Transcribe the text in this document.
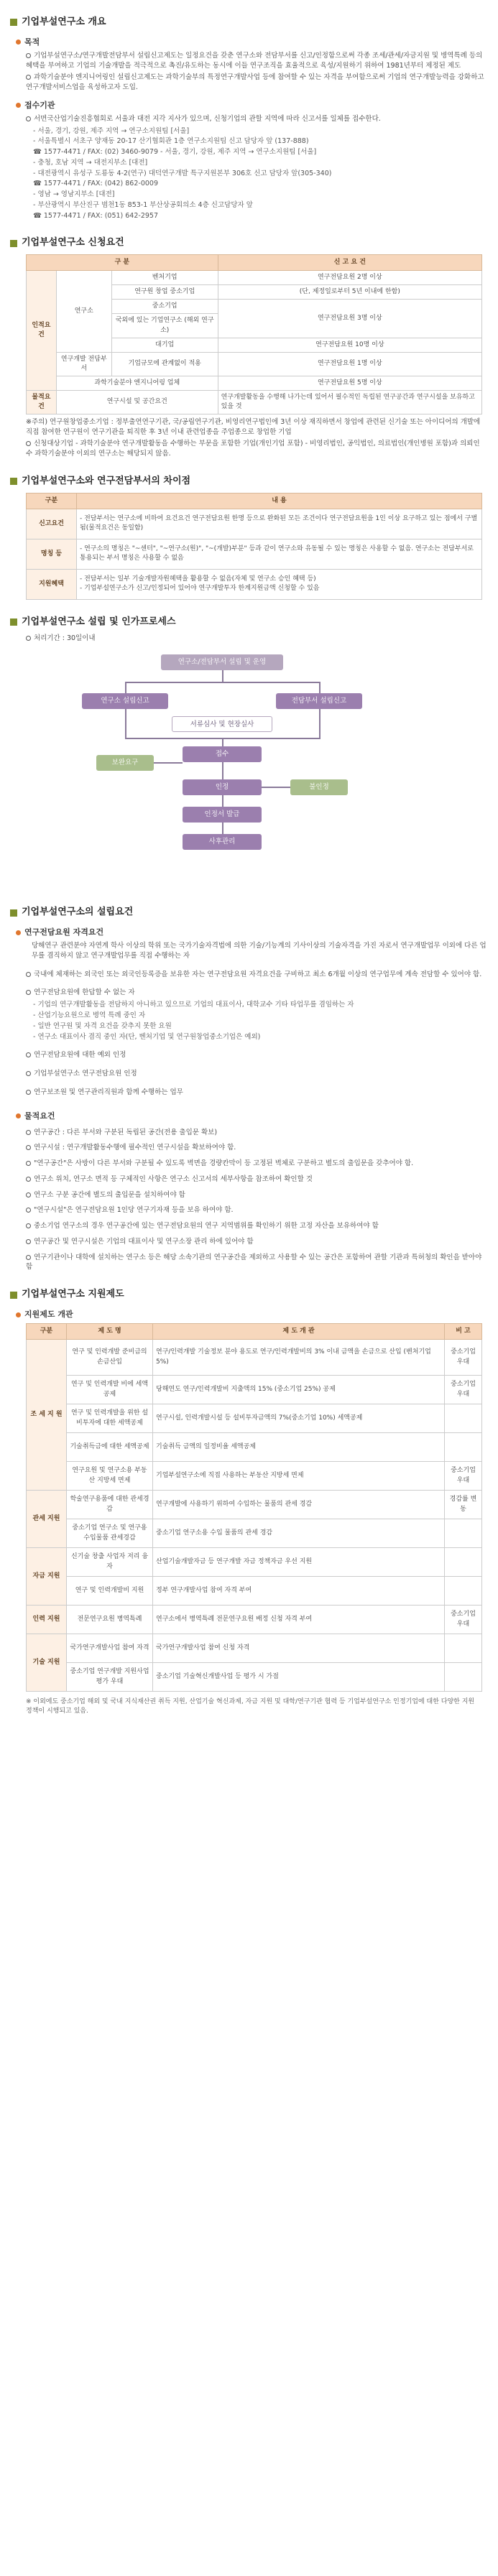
기업부설연구소 개요
목적
기업부설연구소/연구개발전담부서 설립신고제도는 일정요건을 갖춘 연구소와 전담부서를 신고/인정함으로써 각종 조세/관세/자금지원 및 병역특례 등의 혜택을 부여하고 기업의 기술개발을 적극적으로 촉진/유도하는 동시에 이들 연구조직을 효율적으로 육성/지원하기 위하여 1981년부터 제정된 제도
과학기술분야 엔지니어링인 설립신고제도는 과학기술부의 특정연구개발사업 등에 참여할 수 있는 자격을 부여함으로써 기업의 연구개발능력을 강화하고 연구개발서비스업을 육성하고자 도입.
접수기관
서면국산업기술진흥협회로 서울과 대전 지각 지사가 있으며, 신청기업의 관할 지역에 따라 신고서를 일체를 접수한다.
- 서울, 경기, 강원, 제주 지역 → 연구소지원팀 [서울]
- 서울특별시 서초구 양재동 20-17 산기협회관 1층 연구소지원팀 신고 담당자 앞 (137-888)
☎ 1577-4471 / FAX: (02) 3460-9079 - 서울, 경기, 강원, 제주 지역 → 연구소지원팀 [서울]
- 충청, 호남 지역 → 대전지부소 [대전]
- 대전광역시 유성구 도룡동 4-2(연구) 대덕연구개발 특구지원본부 306호 신고 담당자 앞(305-340)
☎ 1577-4471 / FAX: (042) 862-0009
- 영남 → 영남지부소 [대전]
- 부산광역시 부산진구 범천1동 853-1 부산상공회의소 4층 신고담당자 앞
☎ 1577-4471 / FAX: (051) 642-2957
기업부설연구소 신청요건
구 분			신 고 요 건
인적요건	연구소	벤처기업	연구전담요원 2명 이상
		연구원 창업 중소기업	(단, 제정일로부터 5년 이내에 한함)
		중소기업	연구전담요원 3명 이상
		국외에 있는 기업연구소 (해외 연구소)	
		대기업	연구전담요원 10명 이상
	연구개발 전담부서	기업규모에 관계없이 적용	연구전담요원 1명 이상
	과학기술분야 엔지니어링 업체		연구전담요원 5명 이상
물적요건	연구시설 및 공간요건		연구개발활동을 수행해 나가는데 있어서 필수적인 독립된 연구공간과 연구시설을 보유하고 있을 것
※주의) 연구원창업중소기업 : 정부출연연구기관, 국/공립연구기관, 비영리연구법인에 3년 이상 재직하면서 창업에 관련된 신기술 또는 아이디어의 개발에 직접 참여한 연구원이 연구기관을 퇴직한 후 3년 이내 관련업종을 주업종으로 창업한 기업
신청대상기업 - 과학기술분야 연구개발활동을 수행하는 부문을 포함한 기업(개인기업 포함) - 비영리법인, 공익법인, 의료법인(개인병원 포함)과 의뢰인 수 과학기술분야 이외의 연구소는 해당되지 않음.
기업부설연구소와 연구전담부서의 차이점
구분	내 용
신고요건	- 전담부서는 연구소에 비하여 요건요건 연구전담요원 한명 등으로 완화된 모든 조건이다 연구전담요원을 1인 이상 요구하고 있는 점에서 구별됨(물적요건은 동일함)
명칭 등	- 연구소의 명칭은 "~센터", "~연구소(원)", "~(개발)부분" 등과 같이 연구소와 유동될 수 있는 명칭은 사용할 수 없음. 연구소는 전담부서로 통용되는 부서 명칭은 사용할 수 없음
지원혜택	- 전담부서는 일부 기술개발자원혜택을 활용할 수 없음(자체 및 연구소 승인 혜택 등)
- 기업부설연구소가 신고/인정되어 있어야 연구개발투자 한계지원금액 신청할 수 있음
기업부설연구소 설립 및 인가프로세스
처리기간 : 30일이내
연구소/전담부서 설립 및 운영
연구소 설립신고	전담부서 설립신고
서류심사 및 현장실사
보완요구
접수
인정	불인정
인정서 발급
사후관리
기업부설연구소의 설립요건
연구전담요원 자격요건
당해연구 관련분야 자연계 학사 이상의 학위 또는 국가기술자격법에 의한 기술/기능계의 기사이상의 기술자격을 가진 자로서 연구개발업무 이외에 다른 업무를 겸직하지 않고 연구개발업무를 직접 수행하는 자
국내에 체재하는 외국인 또는 외국인등록증을 보유한 자는 연구전담요원 자격요건을 구비하고 최소 6개월 이상의 연구업무에 계속 전담할 수 있어야 함.
연구전담요원에 한답할 수 없는 자
- 기업의 연구개발활동을 전담하지 아니하고 있으므로 기업의 대표이사, 대학교수 기타 타업무를 겸임하는 자
- 산업기능요원으로 병역 특례 중인 자
- 일반 연구원 및 자격 요건을 갖추지 못한 요원
- 연구소 대표이사 겸직 중인 자(단, 벤처기업 및 연구원창업중소기업은 예외)
연구전담요원에 대한 예외 인정
기업부설연구소 연구전담요원 인정
연구보조원 및 연구관리직원과 함께 수행하는 업무
물적요건
연구공간 : 다른 부서와 구분된 독립된 공간(전용 출입문 확보)
연구시설 : 연구개발활동수행에 필수적인 연구시설을 확보하여야 함.
"연구공간"은 사방이 다른 부서와 구분될 수 있도록 벽면을 경량칸막이 등 고정된 벽체로 구분하고 별도의 출입문을 갖추어야 함.
연구소 위치, 연구소 면적 등 구체적인 사항은 연구소 신고서의 세부사항을 참조하여 확인할 것
연구소 구분 공간에 별도의 출입문을 설치하여야 함
"연구시설"은 연구전담요원 1인당 연구기자재 등을 보유 하여야 함.
중소기업 연구소의 경우 연구공간에 있는 연구전담요원의 연구 지역범위를 확인하기 위한 고정 자산을 보유하여야 함
연구공간 및 연구시설은 기업의 대표이사 및 연구소장 관리 하에 있어야 함
연구기관이나 대학에 설치하는 연구소 등은 해당 소속기관의 연구공간을 제외하고 사용할 수 있는 공간은 포함하여 관할 기관과 특허청의 확인을 받아야 함
기업부설연구소 지원제도
지원제도 개관
구분	제 도 명	제 도 개 관	비 고
조 세 지 원	연구 및 인력개발 준비금의 손금산입	연구/인력개발 기술정보 분야 용도로 연구/인력개발비의 3% 이내 금액을 손금으로 산입 (벤처기업 5%)	중소기업 우대
	연구 및 인력개발 비에 세액공제	당해연도 연구/인력개발비 지출액의 15% (중소기업 25%) 공제	중소기업 우대
	연구 및 인력개발을 위한 설비투자에 대한 세액공제	연구시설, 인력개발시설 등 설비투자금액의 7%(중소기업 10%) 세액공제	
	기술취득금에 대한 세액공제	기술취득 금액의 일정비율 세액공제	
	연구요원 및 연구소용 부동산 지방세 면제	기업부설연구소에 직접 사용하는 부동산 지방세 면제	중소기업 우대
관세 지원	학술연구용품에 대한 관세경감	연구개발에 사용하기 위하여 수입하는 물품의 관세 경감	경감률 변동
	중소기업 연구소 및 연구용 수입물품 관세경감	중소기업 연구소용 수입 물품의 관세 경감	
자금 지원	신기술 창출 사업자 저리 융자	산업기술개발자금 등 연구개발 자금 정책자금 우선 지원	
	연구 및 인력개발비 지원	정부 연구개발사업 참여 자격 부여	
인력 지원	전문연구요원 병역특례	연구소에서 병역특례 전문연구요원 배정 신청 자격 부여	중소기업 우대
기술 지원	국가연구개발사업 참여 자격	국가연구개발사업 참여 신청 자격	
	중소기업 연구개발 지원사업 평가 우대	중소기업 기술혁신개발사업 등 평가 시 가점	
※ 이외에도 중소기업 해외 및 국내 지식재산권 취득 지원, 산업기술 혁신과제, 자금 지원 및 대학/연구기관 협력 등 기업부설연구소 인정기업에 대한 다양한 지원 정책이 시행되고 있음.
